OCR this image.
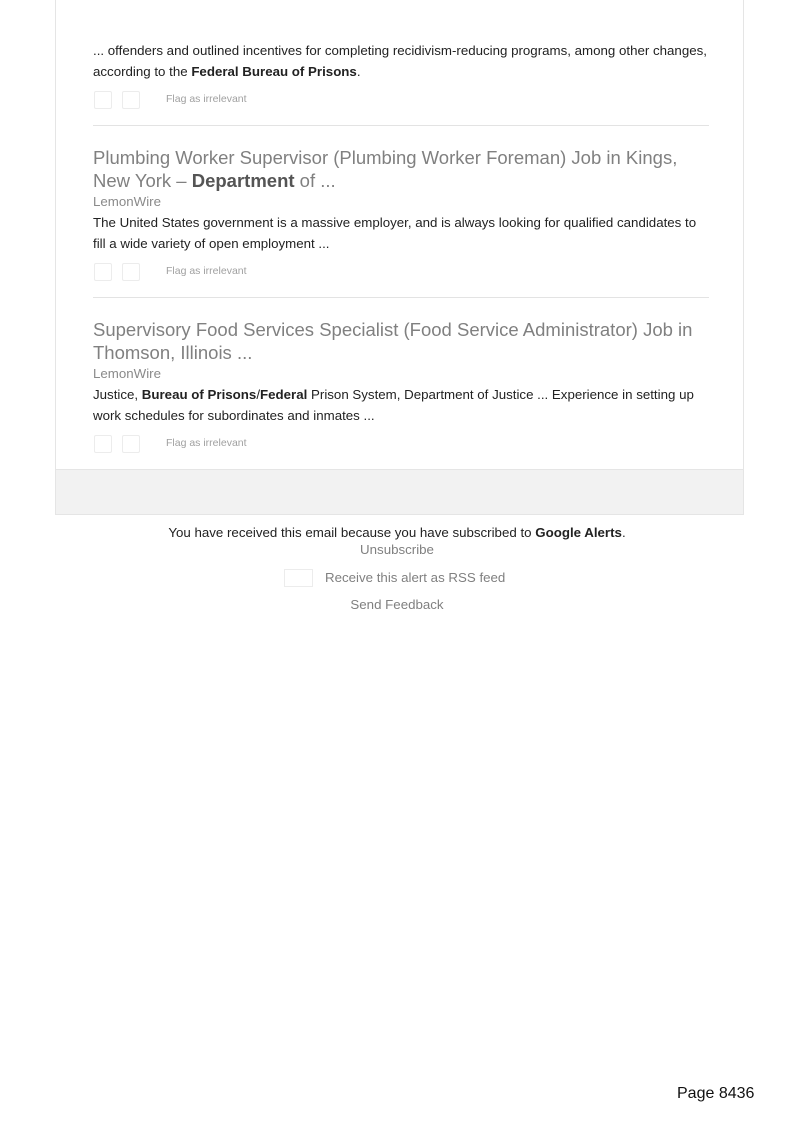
... offenders and outlined incentives for completing recidivism-reducing programs, among other changes, according to the Federal Bureau of Prisons.
Flag as irrelevant
Plumbing Worker Supervisor (Plumbing Worker Foreman) Job in Kings, New York – Department of ...
LemonWire
The United States government is a massive employer, and is always looking for qualified candidates to fill a wide variety of open employment ...
Flag as irrelevant
Supervisory Food Services Specialist (Food Service Administrator) Job in Thomson, Illinois ...
LemonWire
Justice, Bureau of Prisons/Federal Prison System, Department of Justice ... Experience in setting up work schedules for subordinates and inmates ...
Flag as irrelevant
You have received this email because you have subscribed to Google Alerts.
Unsubscribe
Receive this alert as RSS feed
Send Feedback
Page 8436
